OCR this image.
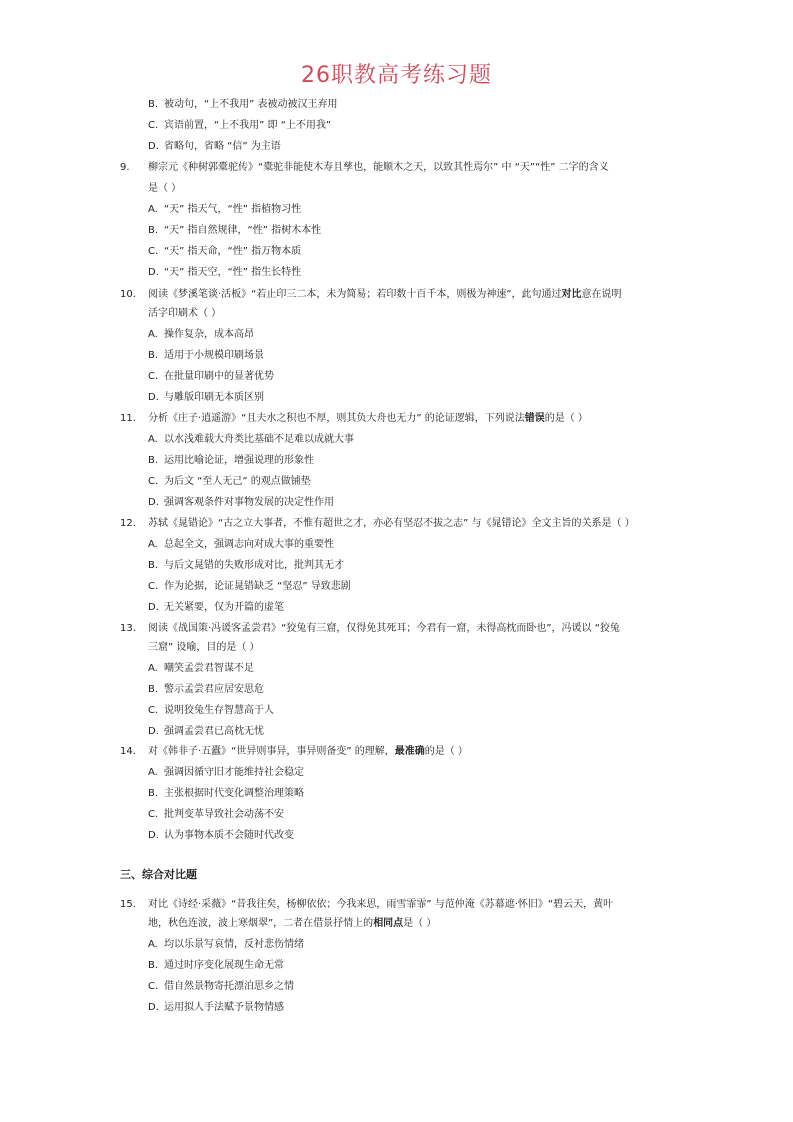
26职教高考练习题
B. 被动句，“上不我用” 表被动被汉王弃用
C. 宾语前置，“上不我用” 即 “上不用我”
D. 省略句，省略 “信” 为主语
9. 柳宗元《种树郭橐驼传》“橐驼非能使木寿且孳也，能顺木之天，以致其性焉尔” 中 “天”“性” 二字的含义
是（ ）
A. “天” 指天气，“性” 指植物习性
B. “天” 指自然规律，“性” 指树木本性
C. “天” 指天命，“性” 指万物本质
D. “天” 指天空，“性” 指生长特性
10. 阅读《梦溪笔谈·活板》“若止印三二本，未为简易；若印数十百千本，则极为神速”，此句通过对比意在说明
活字印刷术（ ）
A. 操作复杂，成本高昂
B. 适用于小规模印刷场景
C. 在批量印刷中的显著优势
D. 与雕版印刷无本质区别
11. 分析《庄子·逍遥游》“且夫水之积也不厚，则其负大舟也无力” 的论证逻辑，下列说法错误的是（ ）
A. 以水浅难载大舟类比基础不足难以成就大事
B. 运用比喻论证，增强说理的形象性
C. 为后文 “至人无己” 的观点做铺垫
D. 强调客观条件对事物发展的决定性作用
12. 苏轼《晁错论》“古之立大事者，不惟有超世之才，亦必有坚忍不拔之志” 与《晁错论》全文主旨的关系是（ ）
A. 总起全文，强调志向对成大事的重要性
B. 与后文晁错的失败形成对比，批判其无才
C. 作为论据，论证晁错缺乏 “坚忍” 导致悲剧
D. 无关紧要，仅为开篇的虚笔
13. 阅读《战国策·冯谖客孟尝君》“狡兔有三窟，仅得免其死耳；今君有一窟，未得高枕而卧也”，冯谖以 “狡兔
三窟” 设喻，目的是（ ）
A. 嘲笑孟尝君智谋不足
B. 警示孟尝君应居安思危
C. 说明狡兔生存智慧高于人
D. 强调孟尝君已高枕无忧
14. 对《韩非子·五蠹》“世异则事异，事异则备变” 的理解，最准确的是（ ）
A. 强调因循守旧才能维持社会稳定
B. 主张根据时代变化调整治理策略
C. 批判变革导致社会动荡不安
D. 认为事物本质不会随时代改变
三、综合对比题
15. 对比《诗经·采薇》“昔我往矣，杨柳依依；今我来思，雨雪霏霏” 与范仲淹《苏幕遮·怀旧》“碧云天，黄叶
地，秋色连波，波上寒烟翠”，二者在借景抒情上的相同点是（ ）
A. 均以乐景写哀情，反衬悲伤情绪
B. 通过时序变化展现生命无常
C. 借自然景物寄托漂泊思乡之情
D. 运用拟人手法赋予景物情感
